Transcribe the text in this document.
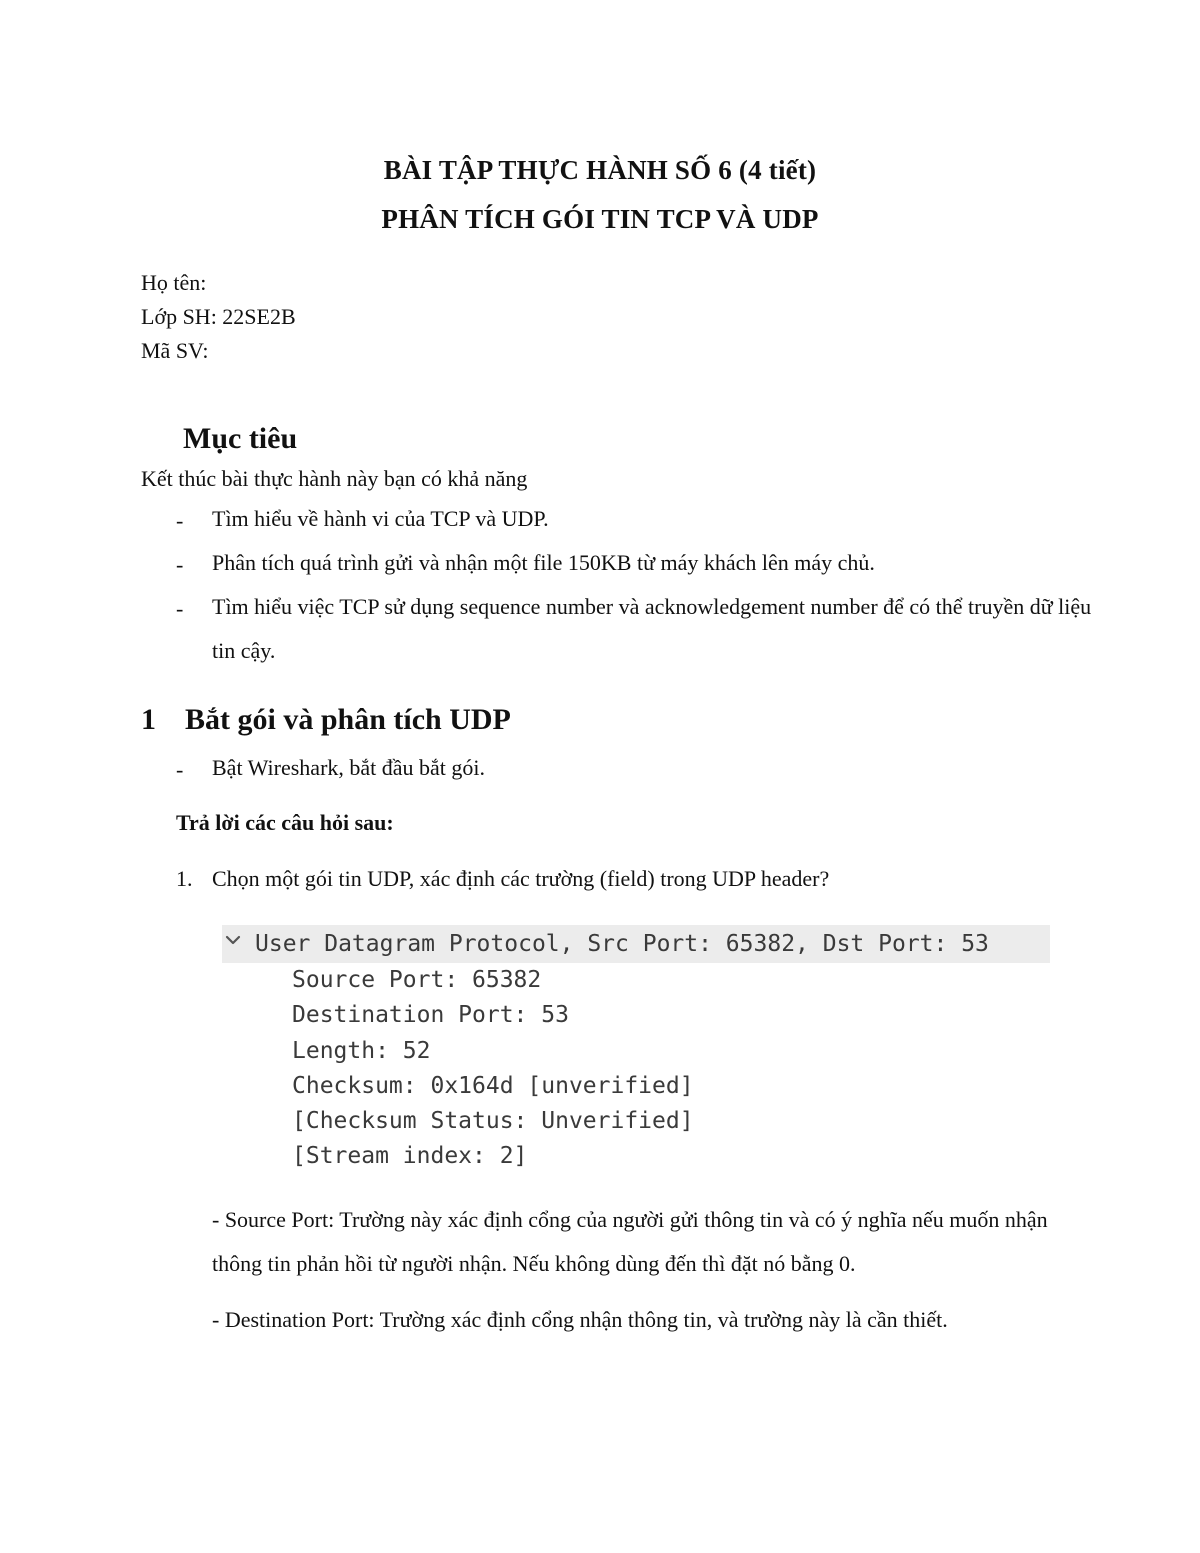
BÀI TẬP THỰC HÀNH SỐ 6 (4 tiết)
PHÂN TÍCH GÓI TIN TCP VÀ UDP
Họ tên:
Lớp SH: 22SE2B
Mã SV:
Mục tiêu
Kết thúc bài thực hành này bạn có khả năng
- Tìm hiểu về hành vi của TCP và UDP.
- Phân tích quá trình gửi và nhận một file 150KB từ máy khách lên máy chủ.
- Tìm hiểu việc TCP sử dụng sequence number và acknowledgement number để có thể truyền dữ liệu tin cậy.
1 Bắt gói và phân tích UDP
- Bật Wireshark, bắt đầu bắt gói.
Trả lời các câu hỏi sau:
1. Chọn một gói tin UDP, xác định các trường (field) trong UDP header?
User Datagram Protocol, Src Port: 65382, Dst Port: 53
Source Port: 65382
Destination Port: 53
Length: 52
Checksum: 0x164d [unverified]
[Checksum Status: Unverified]
[Stream index: 2]
- Source Port: Trường này xác định cổng của người gửi thông tin và có ý nghĩa nếu muốn nhận thông tin phản hồi từ người nhận. Nếu không dùng đến thì đặt nó bằng 0.
- Destination Port: Trường xác định cổng nhận thông tin, và trường này là cần thiết.
